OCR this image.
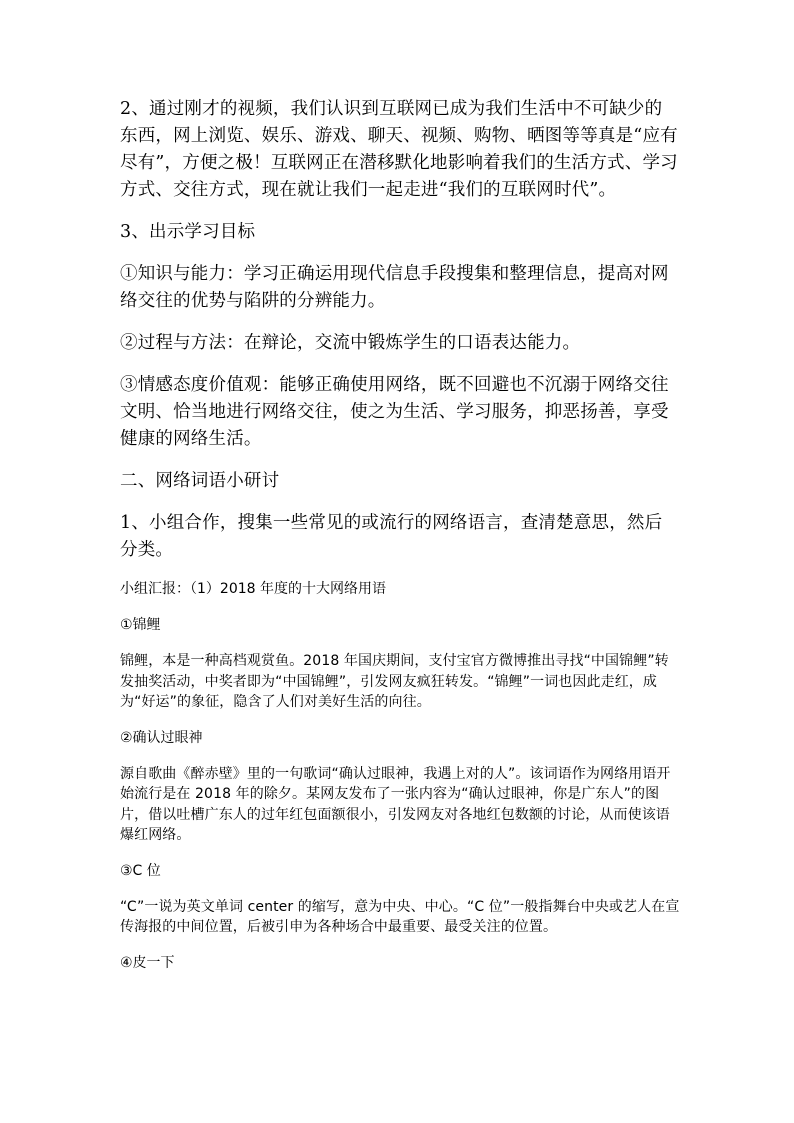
2、通过刚才的视频，我们认识到互联网已成为我们生活中不可缺少的东西，网上浏览、娱乐、游戏、聊天、视频、购物、晒图等等真是“应有尽有”，方便之极！互联网正在潜移默化地影响着我们的生活方式、学习方式、交往方式，现在就让我们一起走进“我们的互联网时代”。

3、出示学习目标

①知识与能力：学习正确运用现代信息手段搜集和整理信息，提高对网络交往的优势与陷阱的分辨能力。

②过程与方法：在辩论，交流中锻炼学生的口语表达能力。

③情感态度价值观：能够正确使用网络，既不回避也不沉溺于网络交往文明、恰当地进行网络交往，使之为生活、学习服务，抑恶扬善，享受健康的网络生活。

二、网络词语小研讨

1、小组合作，搜集一些常见的或流行的网络语言，查清楚意思，然后分类。

小组汇报：（1）2018 年度的十大网络用语

①锦鲤

锦鲤，本是一种高档观赏鱼。2018 年国庆期间，支付宝官方微博推出寻找“中国锦鲤”转发抽奖活动，中奖者即为“中国锦鲤”，引发网友疯狂转发。“锦鲤”一词也因此走红，成为“好运”的象征，隐含了人们对美好生活的向往。

②确认过眼神

源自歌曲《醉赤壁》里的一句歌词“确认过眼神，我遇上对的人”。该词语作为网络用语开始流行是在 2018 年的除夕。某网友发布了一张内容为“确认过眼神，你是广东人”的图片，借以吐槽广东人的过年红包面额很小，引发网友对各地红包数额的讨论，从而使该语爆红网络。

③C 位

“C”一说为英文单词 center 的缩写，意为中央、中心。“C 位”一般指舞台中央或艺人在宣传海报的中间位置，后被引申为各种场合中最重要、最受关注的位置。

④皮一下
